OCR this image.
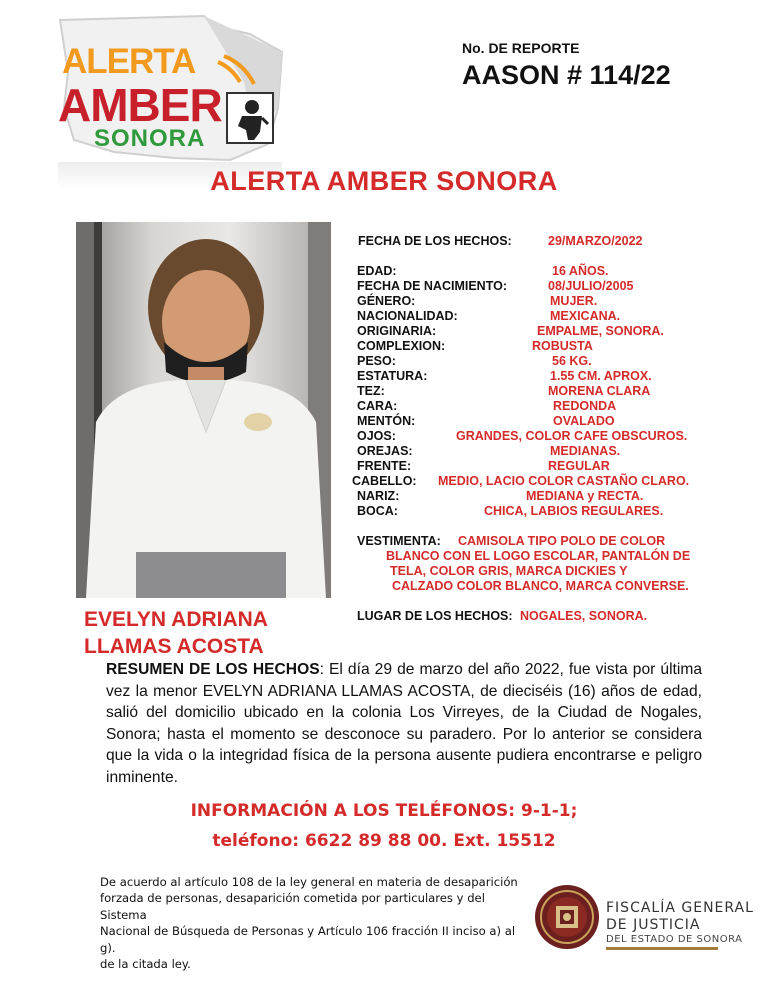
ALERTA
AMBER
SONORA
No. DE REPORTE
AASON # 114/22
ALERTA AMBER SONORA
EVELYN ADRIANA
LLAMAS ACOSTA
FECHA DE LOS HECHOS:	29/MARZO/2022
EDAD:	16 AÑOS.
FECHA DE NACIMIENTO:	08/JULIO/2005
GÉNERO:	MUJER.
NACIONALIDAD:	MEXICANA.
ORIGINARIA:	EMPALME, SONORA.
COMPLEXION:	ROBUSTA
PESO:	56 KG.
ESTATURA:	1.55 CM. APROX.
TEZ:	MORENA CLARA
CARA:	REDONDA
MENTÓN:	OVALADO
OJOS:	GRANDES, COLOR CAFE OBSCUROS.
OREJAS:	MEDIANAS.
FRENTE:	REGULAR
CABELLO: MEDIO, LACIO COLOR CASTAÑO CLARO.
NARIZ:	MEDIANA y RECTA.
BOCA:	CHICA, LABIOS REGULARES.
VESTIMENTA: CAMISOLA TIPO POLO DE COLOR
BLANCO CON EL LOGO ESCOLAR, PANTALÓN DE
TELA, COLOR GRIS, MARCA DICKIES Y
CALZADO COLOR BLANCO, MARCA CONVERSE.
LUGAR DE LOS HECHOS: NOGALES, SONORA.
RESUMEN DE LOS HECHOS: El día 29 de marzo del año 2022, fue vista por última vez la menor EVELYN ADRIANA LLAMAS ACOSTA, de dieciséis (16) años de edad, salió del domicilio ubicado en la colonia Los Virreyes, de la Ciudad de Nogales, Sonora; hasta el momento se desconoce su paradero. Por lo anterior se considera que la vida o la integridad física de la persona ausente pudiera encontrarse e peligro inminente.
INFORMACIÓN A LOS TELÉFONOS: 9-1-1;
teléfono: 6622 89 88 00. Ext. 15512
De acuerdo al artículo 108 de la ley general en materia de desaparición
forzada de personas, desaparición cometida por particulares y del Sistema
Nacional de Búsqueda de Personas y Artículo 106 fracción II inciso a) al g).
de la citada ley.
FISCALÍA GENERAL
DE JUSTICIA
DEL ESTADO DE SONORA
